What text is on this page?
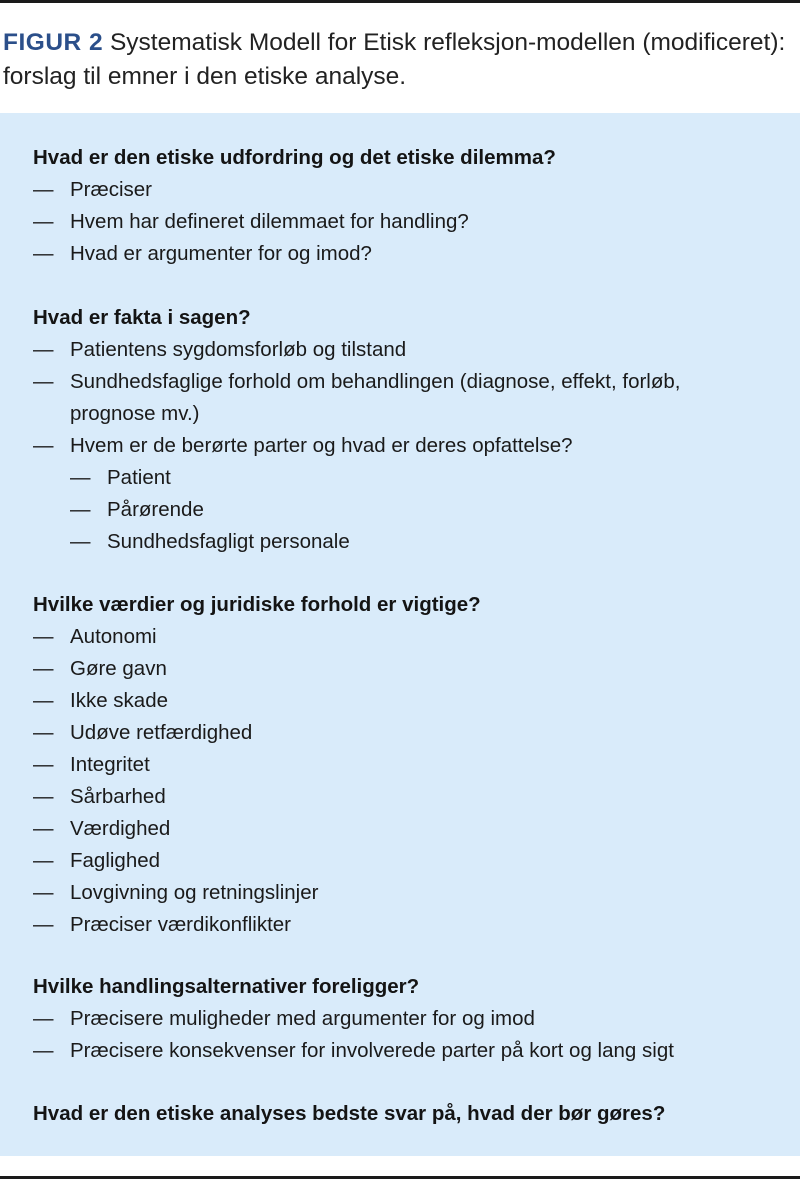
FIGUR 2 Systematisk Modell for Etisk refleksjon-modellen (modificeret): forslag til emner i den etiske analyse.
Hvad er den etiske udfordring og det etiske dilemma?
— Præciser
— Hvem har defineret dilemmaet for handling?
— Hvad er argumenter for og imod?
Hvad er fakta i sagen?
— Patientens sygdomsforløb og tilstand
— Sundhedsfaglige forhold om behandlingen (diagnose, effekt, forløb, prognose mv.)
— Hvem er de berørte parter og hvad er deres opfattelse?
— Patient
— Pårørende
— Sundhedsfagligt personale
Hvilke værdier og juridiske forhold er vigtige?
— Autonomi
— Gøre gavn
— Ikke skade
— Udøve retfærdighed
— Integritet
— Sårbarhed
— Værdighed
— Faglighed
— Lovgivning og retningslinjer
— Præciser værdikonflikter
Hvilke handlingsalternativer foreligger?
— Præcisere muligheder med argumenter for og imod
— Præcisere konsekvenser for involverede parter på kort og lang sigt
Hvad er den etiske analyses bedste svar på, hvad der bør gøres?
